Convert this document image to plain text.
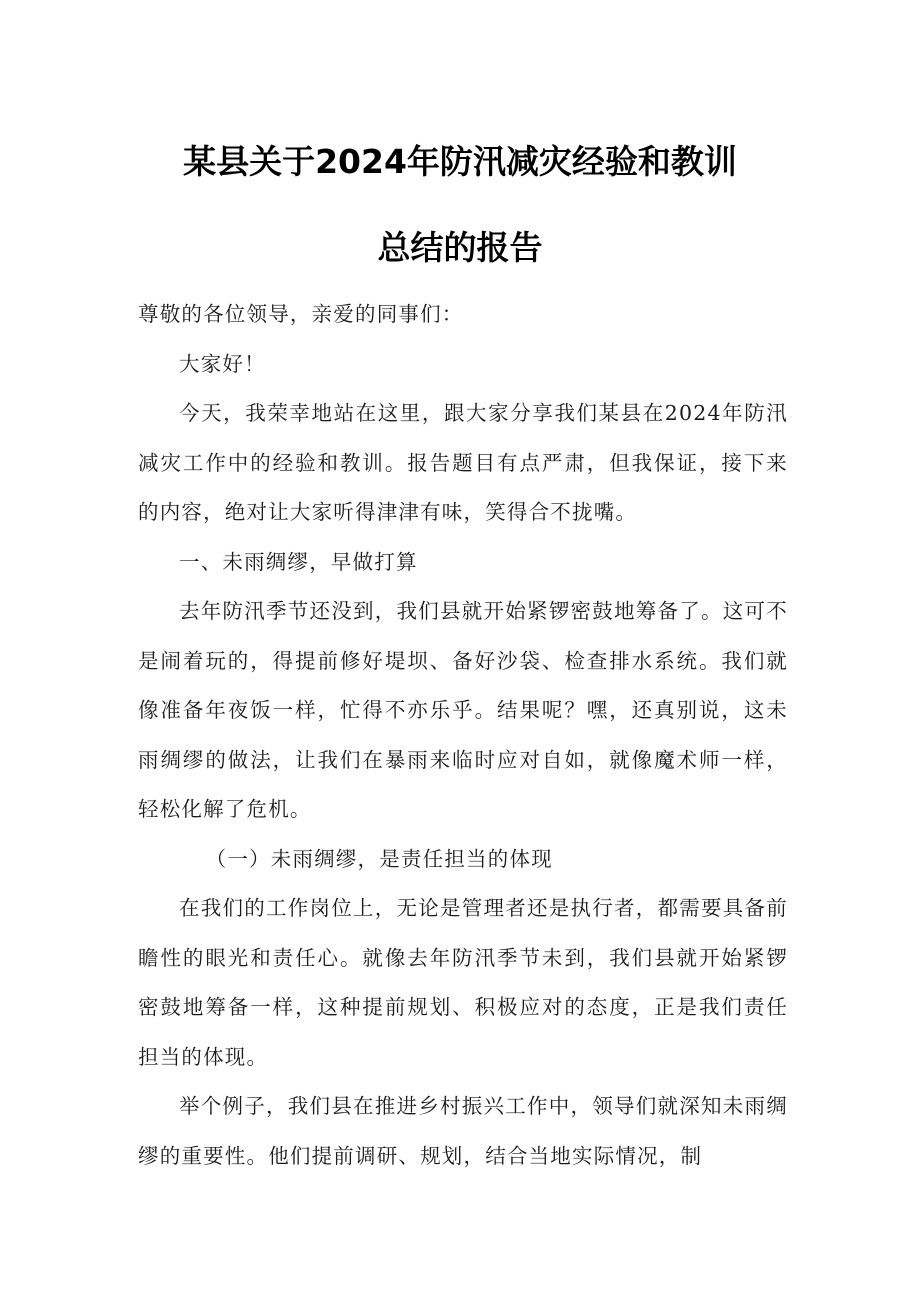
某县关于2024年防汛减灾经验和教训
总结的报告

尊敬的各位领导，亲爱的同事们：

大家好！

今天，我荣幸地站在这里，跟大家分享我们某县在2024年防汛减灾工作中的经验和教训。报告题目有点严肃，但我保证，接下来的内容，绝对让大家听得津津有味，笑得合不拢嘴。

一、未雨绸缪，早做打算

去年防汛季节还没到，我们县就开始紧锣密鼓地筹备了。这可不是闹着玩的，得提前修好堤坝、备好沙袋、检查排水系统。我们就像准备年夜饭一样，忙得不亦乐乎。结果呢？嘿，还真别说，这未雨绸缪的做法，让我们在暴雨来临时应对自如，就像魔术师一样，轻松化解了危机。

（一）未雨绸缪，是责任担当的体现

在我们的工作岗位上，无论是管理者还是执行者，都需要具备前瞻性的眼光和责任心。就像去年防汛季节未到，我们县就开始紧锣密鼓地筹备一样，这种提前规划、积极应对的态度，正是我们责任担当的体现。

举个例子，我们县在推进乡村振兴工作中，领导们就深知未雨绸缪的重要性。他们提前调研、规划，结合当地实际情况，制
